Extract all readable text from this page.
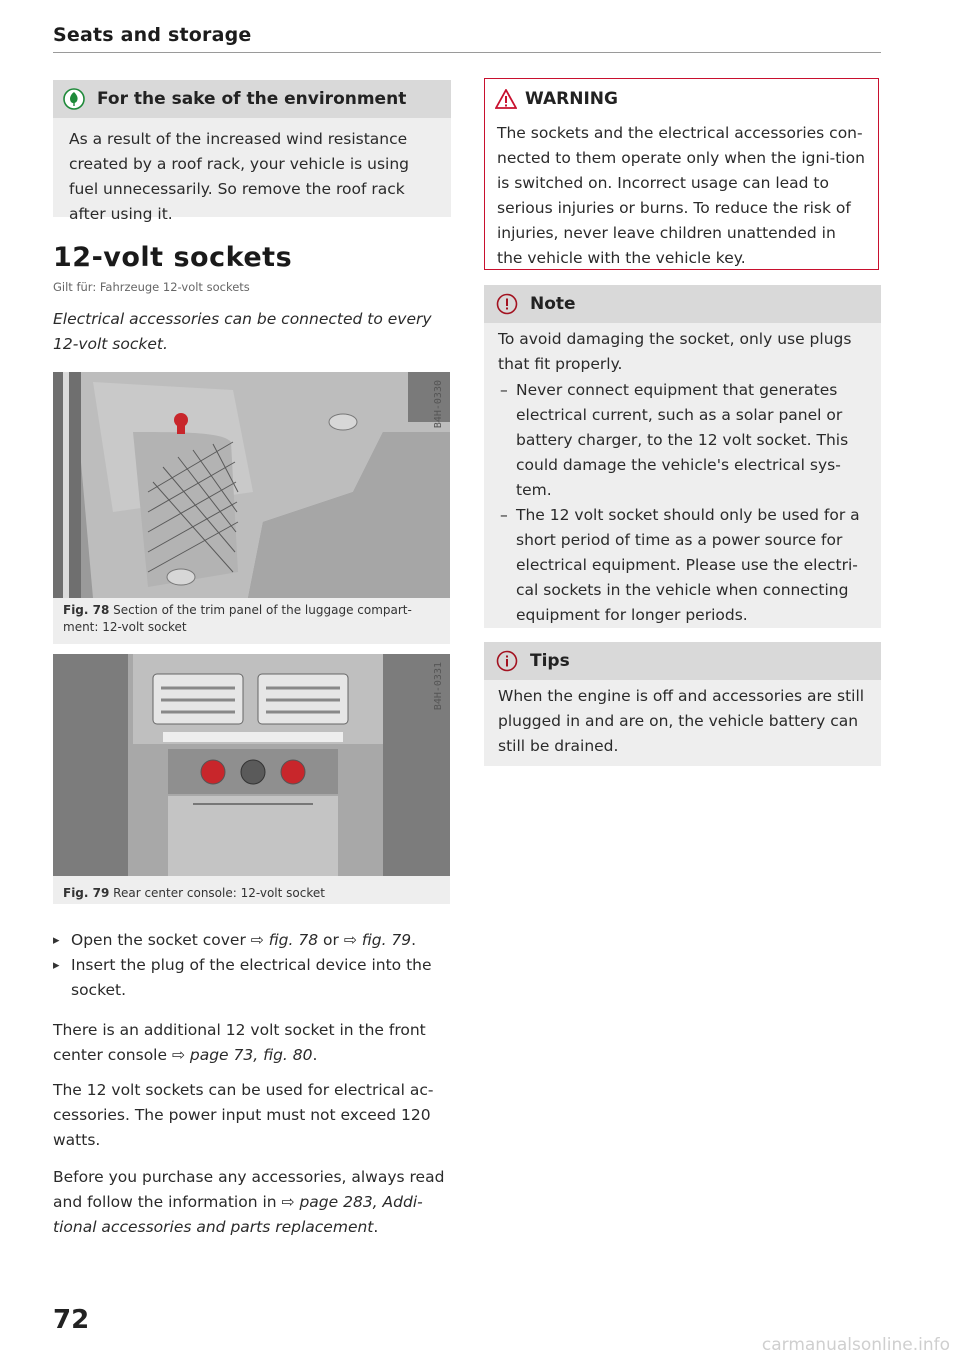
Seats and storage
For the sake of the environment

As a result of the increased wind resistance created by a roof rack, your vehicle is using fuel unnecessarily. So remove the roof rack after using it.

12-volt sockets
Gilt für: Fahrzeuge 12-volt sockets
Electrical accessories can be connected to every 12-volt socket.
B4H-0330
Fig. 78 Section of the trim panel of the luggage compart-ment: 12-volt socket
B4H-0331
Fig. 79 Rear center console: 12-volt socket
▸ Open the socket cover ⇨ fig. 78 or ⇨ fig. 79.
▸ Insert the plug of the electrical device into the socket.

There is an additional 12 volt socket in the front center console ⇨ page 73, fig. 80.

The 12 volt sockets can be used for electrical ac-cessories. The power input must not exceed 120 watts.

Before you purchase any accessories, always read and follow the information in ⇨ page 283, Addi-tional accessories and parts replacement.

72
WARNING

The sockets and the electrical accessories con-nected to them operate only when the igni-tion is switched on. Incorrect usage can lead to serious injuries or burns. To reduce the risk of injuries, never leave children unattended in the vehicle with the vehicle key.

Note

To avoid damaging the socket, only use plugs that fit properly.

– Never connect equipment that generates electrical current, such as a solar panel or battery charger, to the 12 volt socket. This could damage the vehicle's electrical sys-tem.
– The 12 volt socket should only be used for a short period of time as a power source for electrical equipment. Please use the electri-cal sockets in the vehicle when connecting equipment for longer periods.
Tips

When the engine is off and accessories are still plugged in and are on, the vehicle battery can still be drained.

carmanualsonline.info
